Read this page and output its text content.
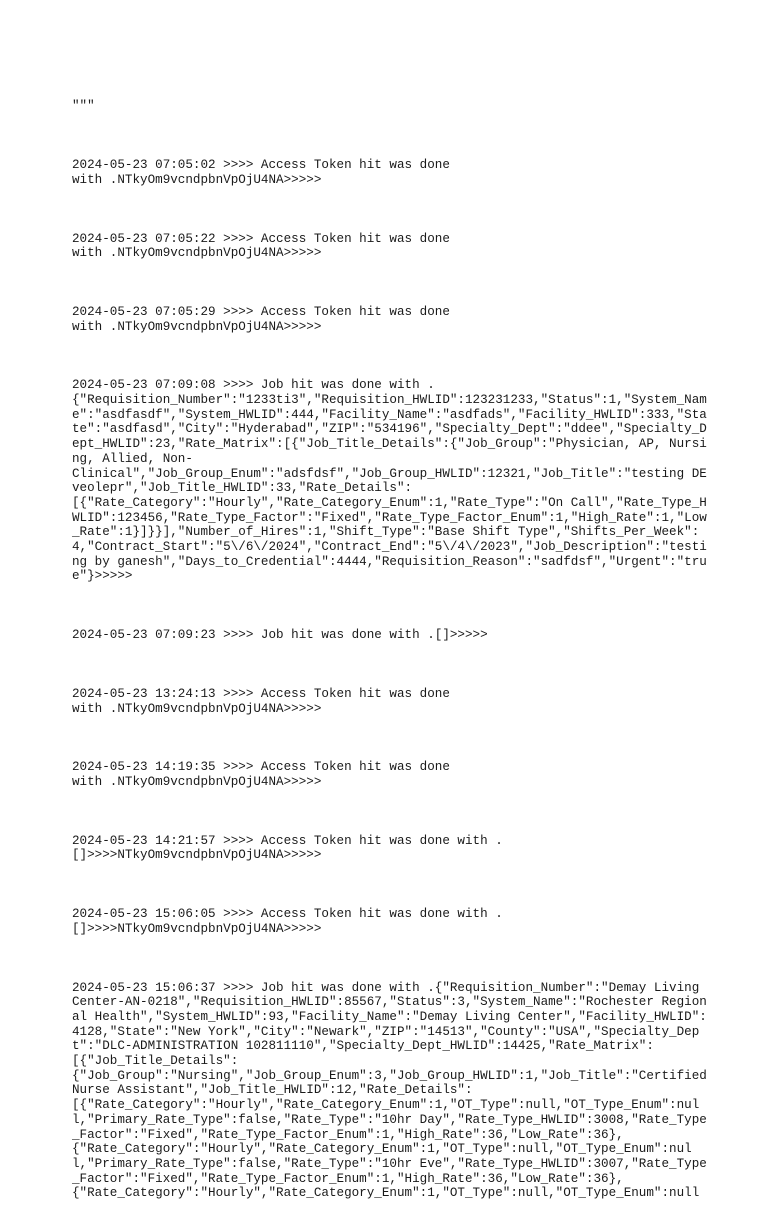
"""

2024-05-23 07:05:02 >>>> Access Token hit was done
with .NTkyOm9vcndpbnVpOjU4NA>>>>>

2024-05-23 07:05:22 >>>> Access Token hit was done
with .NTkyOm9vcndpbnVpOjU4NA>>>>>

2024-05-23 07:05:29 >>>> Access Token hit was done
with .NTkyOm9vcndpbnVpOjU4NA>>>>>

2024-05-23 07:09:08 >>>> Job hit was done with .
{"Requisition_Number":"1233ti3","Requisition_HWLID":123231233,"Status":1,"System_Name":"asdfasdf","System_HWLID":444,"Facility_Name":"asdfads","Facility_HWLID":333,"State":"asdfasd","City":"Hyderabad","ZIP":"534196","Specialty_Dept":"ddee","Specialty_Dept_HWLID":23,"Rate_Matrix":[{"Job_Title_Details":{"Job_Group":"Physician, AP, Nursing, Allied, Non-
Clinical","Job_Group_Enum":"adsfdsf","Job_Group_HWLID":12321,"Job_Title":"testing DEveolepr","Job_Title_HWLID":33,"Rate_Details":
[{"Rate_Category":"Hourly","Rate_Category_Enum":1,"Rate_Type":"On Call","Rate_Type_HWLID":123456,"Rate_Type_Factor":"Fixed","Rate_Type_Factor_Enum":1,"High_Rate":1,"Low_Rate":1}]}}],"Number_of_Hires":1,"Shift_Type":"Base Shift Type","Shifts_Per_Week":4,"Contract_Start":"5\/6\/2024","Contract_End":"5\/4\/2023","Job_Description":"testing by ganesh","Days_to_Credential":4444,"Requisition_Reason":"sadfdsf","Urgent":"true"}>>>>>

2024-05-23 07:09:23 >>>> Job hit was done with .[]>>>>>

2024-05-23 13:24:13 >>>> Access Token hit was done
with .NTkyOm9vcndpbnVpOjU4NA>>>>>

2024-05-23 14:19:35 >>>> Access Token hit was done
with .NTkyOm9vcndpbnVpOjU4NA>>>>>

2024-05-23 14:21:57 >>>> Access Token hit was done with .
[]>>>>NTkyOm9vcndpbnVpOjU4NA>>>>>

2024-05-23 15:06:05 >>>> Access Token hit was done with .
[]>>>>NTkyOm9vcndpbnVpOjU4NA>>>>>

2024-05-23 15:06:37 >>>> Job hit was done with .{"Requisition_Number":"Demay Living Center-AN-0218","Requisition_HWLID":85567,"Status":3,"System_Name":"Rochester Regional Health","System_HWLID":93,"Facility_Name":"Demay Living Center","Facility_HWLID":4128,"State":"New York","City":"Newark","ZIP":"14513","County":"USA","Specialty_Dept":"DLC-ADMINISTRATION 102811110","Specialty_Dept_HWLID":14425,"Rate_Matrix":
[{"Job_Title_Details":
{"Job_Group":"Nursing","Job_Group_Enum":3,"Job_Group_HWLID":1,"Job_Title":"Certified Nurse Assistant","Job_Title_HWLID":12,"Rate_Details":
[{"Rate_Category":"Hourly","Rate_Category_Enum":1,"OT_Type":null,"OT_Type_Enum":null,"Primary_Rate_Type":false,"Rate_Type":"10hr Day","Rate_Type_HWLID":3008,"Rate_Type_Factor":"Fixed","Rate_Type_Factor_Enum":1,"High_Rate":36,"Low_Rate":36},
{"Rate_Category":"Hourly","Rate_Category_Enum":1,"OT_Type":null,"OT_Type_Enum":null,"Primary_Rate_Type":false,"Rate_Type":"10hr Eve","Rate_Type_HWLID":3007,"Rate_Type_Factor":"Fixed","Rate_Type_Factor_Enum":1,"High_Rate":36,"Low_Rate":36},
{"Rate_Category":"Hourly","Rate_Category_Enum":1,"OT_Type":null,"OT_Type_Enum":null
